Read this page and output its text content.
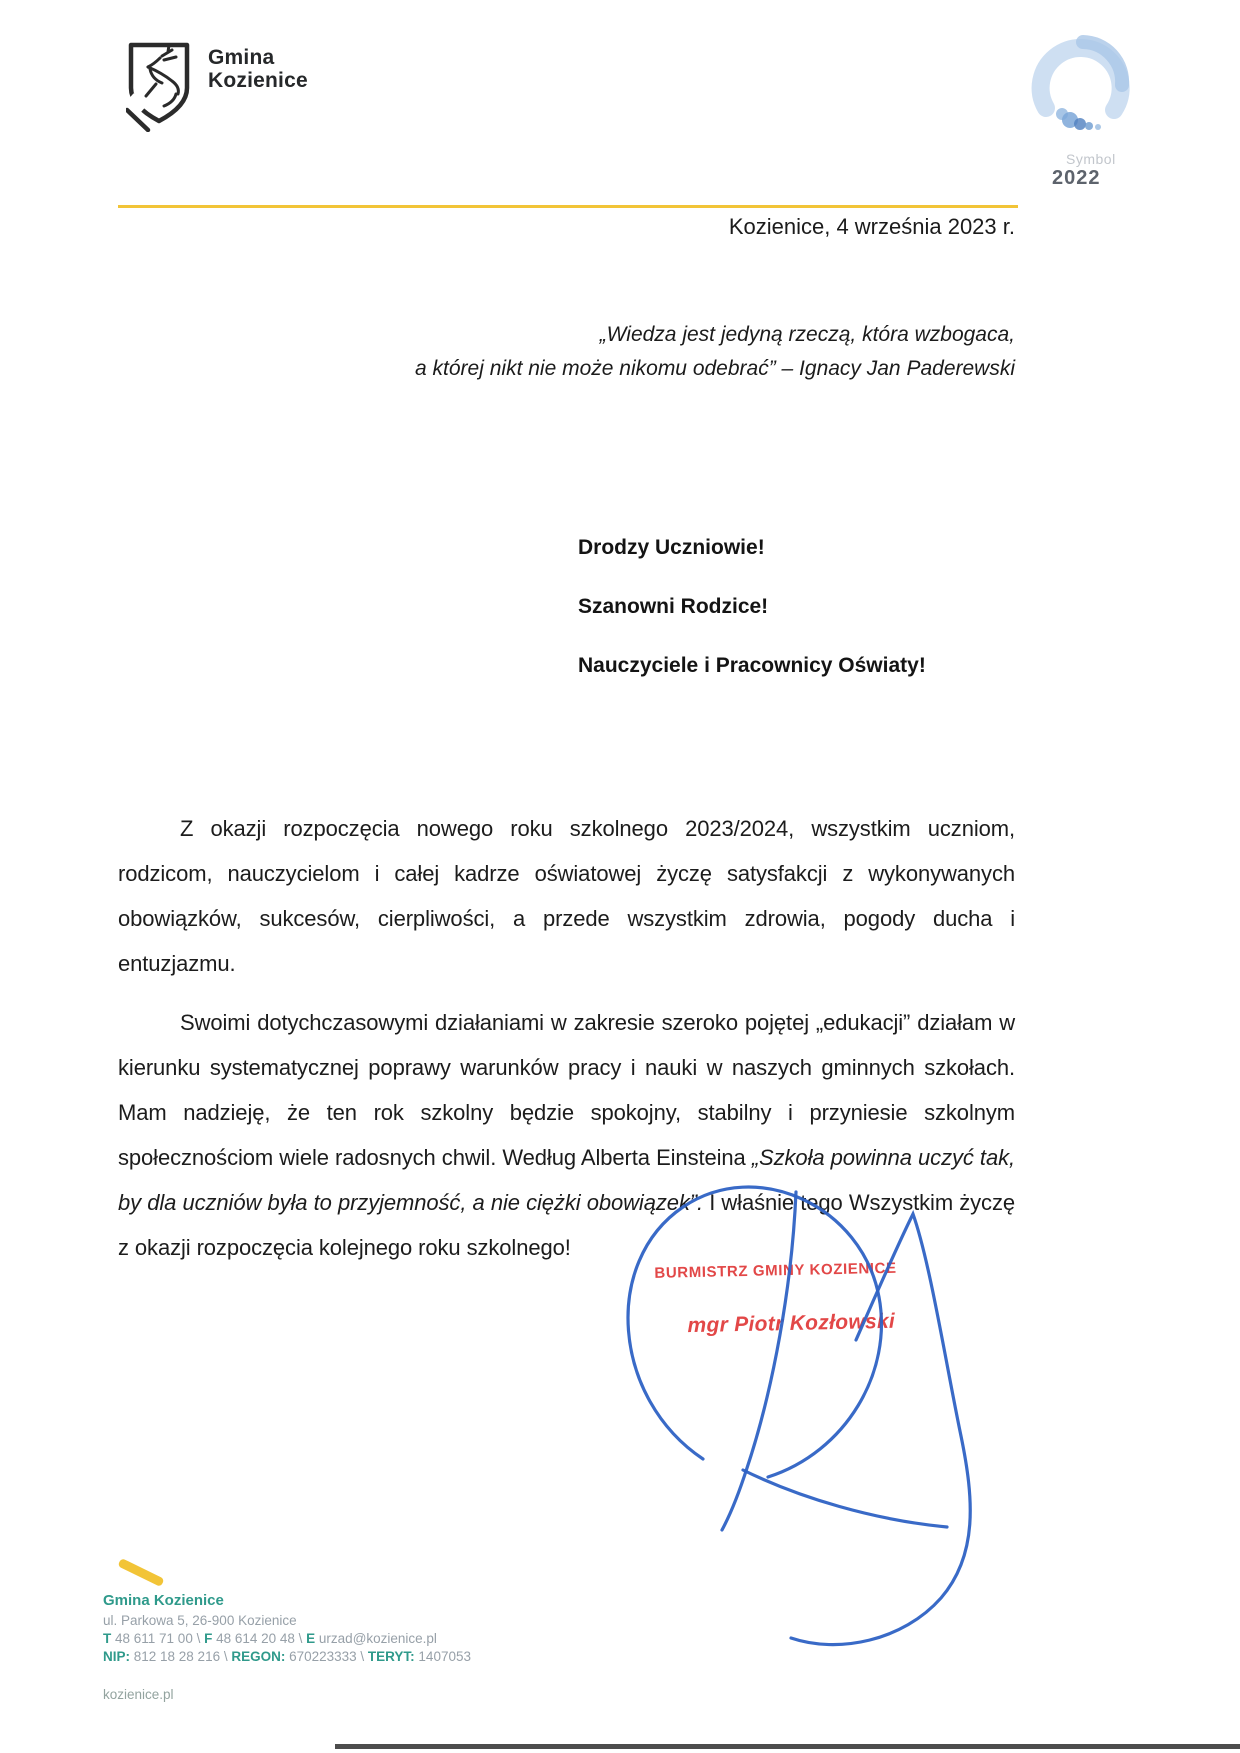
Gmina
Kozienice
Symbol
2022
Kozienice, 4 września 2023 r.
„Wiedza jest jedyną rzeczą, która wzbogaca,
a której nikt nie może nikomu odebrać” – Ignacy Jan Paderewski
Drodzy Uczniowie!
Szanowni Rodzice!
Nauczyciele i Pracownicy Oświaty!

Z okazji rozpoczęcia nowego roku szkolnego 2023/2024, wszystkim uczniom, rodzicom, nauczycielom i całej kadrze oświatowej życzę satysfakcji z wykonywanych obowiązków, sukcesów, cierpliwości, a przede wszystkim zdrowia, pogody ducha i entuzjazmu.

Swoimi dotychczasowymi działaniami w zakresie szeroko pojętej „edukacji” działam w kierunku systematycznej poprawy warunków pracy i nauki w naszych gminnych szkołach. Mam nadzieję, że ten rok szkolny będzie spokojny, stabilny i przyniesie szkolnym społecznościom wiele radosnych chwil. Według Alberta Einsteina „Szkoła powinna uczyć tak, by dla uczniów była to przyjemność, a nie ciężki obowiązek”. I właśnie tego Wszystkim życzę z okazji rozpoczęcia kolejnego roku szkolnego!

BURMISTRZ GMINY KOZIENICE
mgr Piotr Kozłowski
Gmina Kozienice
ul. Parkowa 5, 26-900 Kozienice
T 48 611 71 00 \ F 48 614 20 48 \ E urzad@kozienice.pl
NIP: 812 18 28 216 \ REGON: 670223333 \ TERYT: 1407053
kozienice.pl
